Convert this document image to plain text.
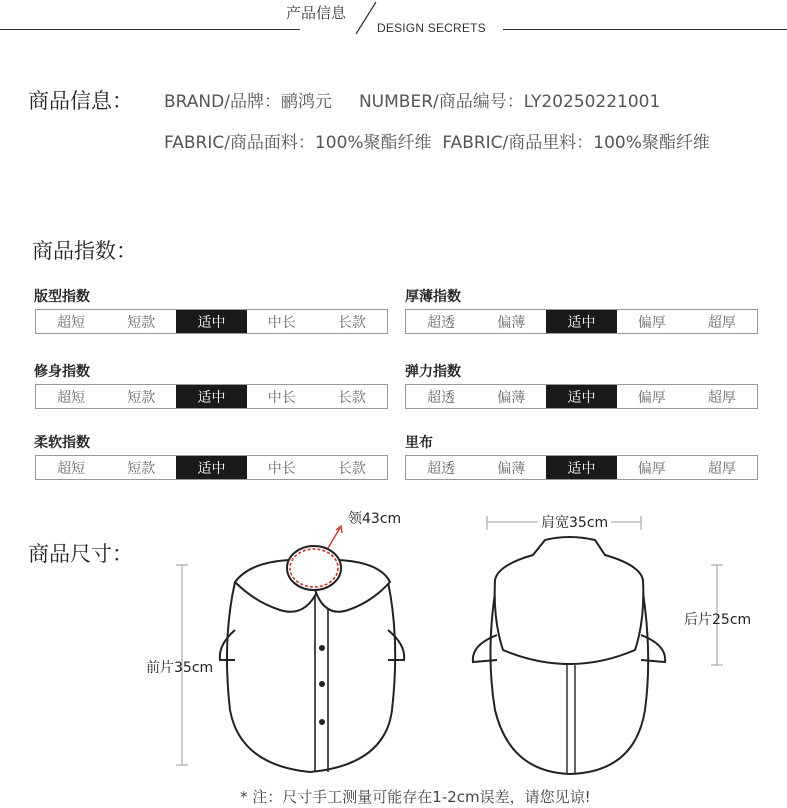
产品信息
DESIGN SECRETS
商品信息： BRAND/品牌：鹂鸿元     NUMBER/商品编号：LY20250221001
FABRIC/商品面料：100%聚酯纤维  FABRIC/商品里料：100%聚酯纤维
商品指数：
版型指数
超短	短款	适中	中长	长款
厚薄指数
超透	偏薄	适中	偏厚	超厚
修身指数
超短	短款	适中	中长	长款
弹力指数
超透	偏薄	适中	偏厚	超厚
柔软指数
超短	短款	适中	中长	长款
里布
超透	偏薄	适中	偏厚	超厚
商品尺寸：
领43cm
前片35cm
肩宽35cm
后片25cm
* 注：尺寸手工测量可能存在1-2cm误差，请您见谅!
